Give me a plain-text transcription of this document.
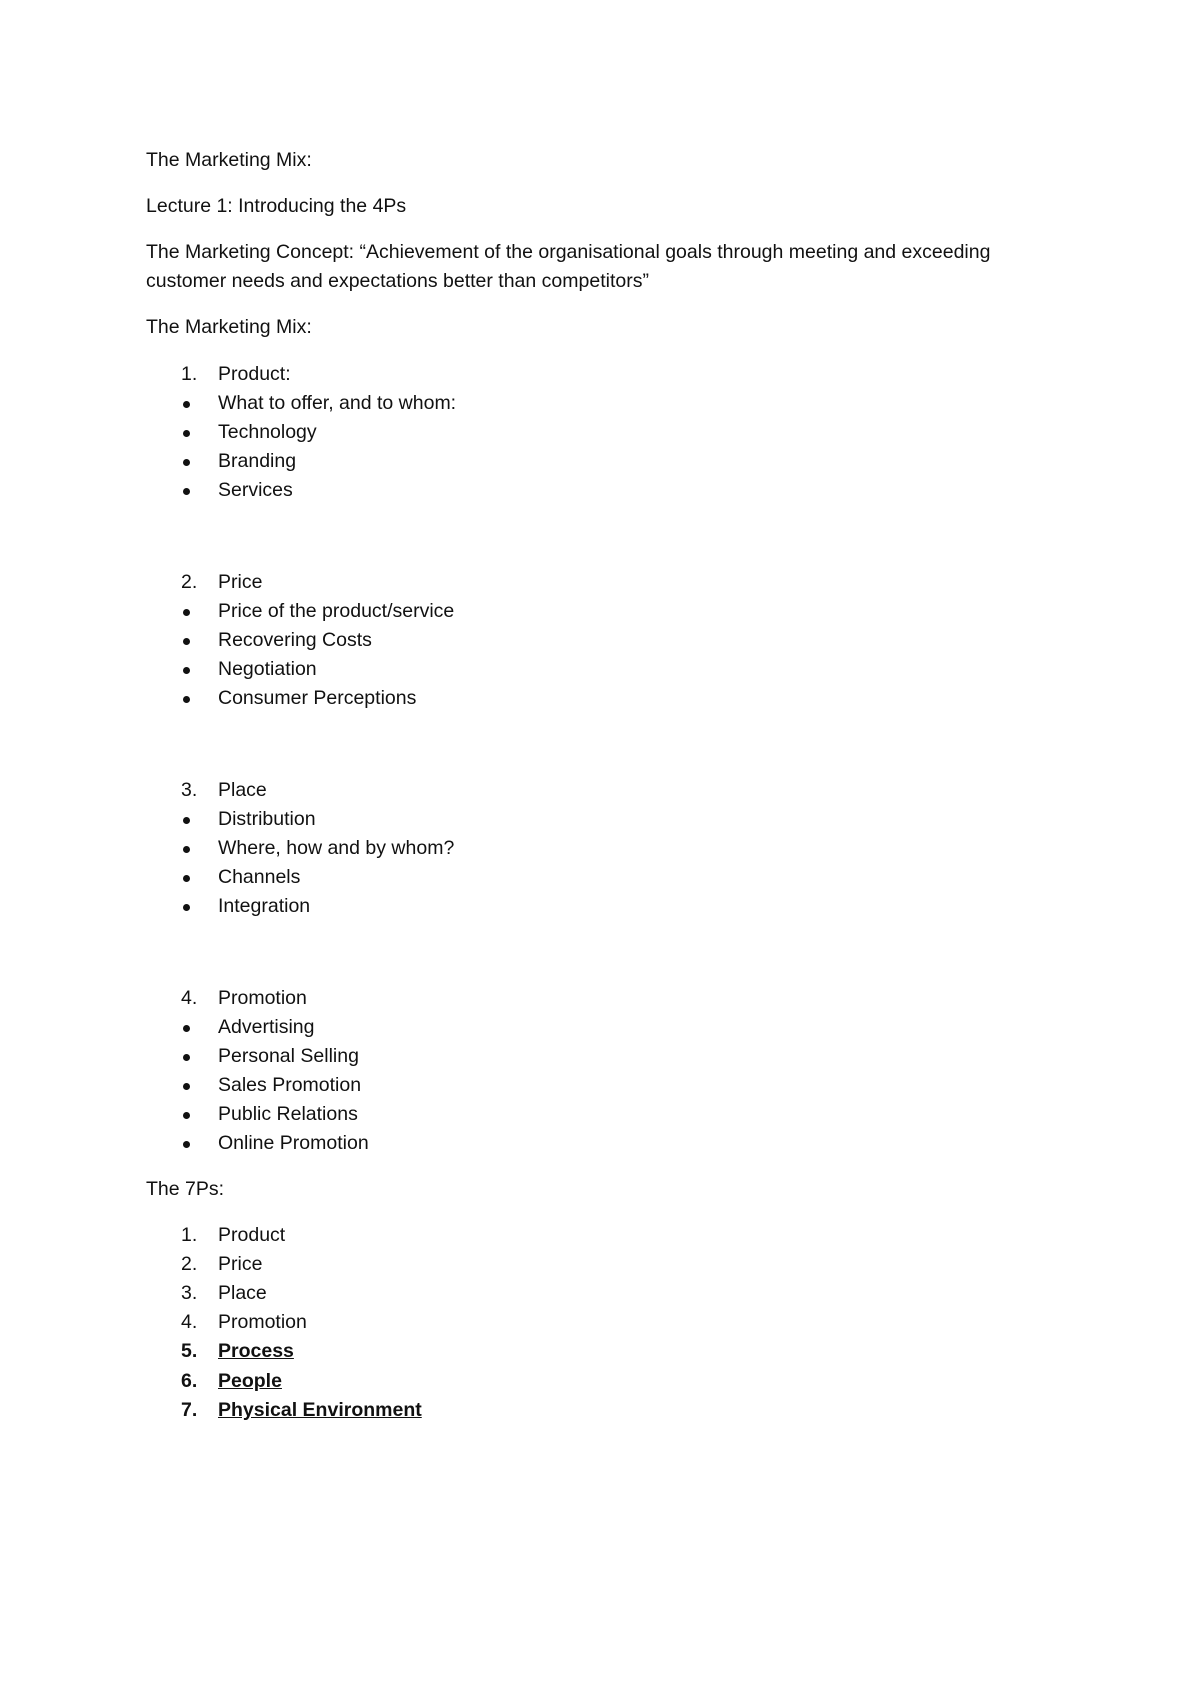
The Marketing Mix:
Lecture 1: Introducing the 4Ps
The Marketing Concept: “Achievement of the organisational goals through meeting and exceeding
customer needs and expectations better than competitors”
The Marketing Mix:
1. Product:
What to offer, and to whom:
Technology
Branding
Services
2. Price
Price of the product/service
Recovering Costs
Negotiation
Consumer Perceptions
3. Place
Distribution
Where, how and by whom?
Channels
Integration
4. Promotion
Advertising
Personal Selling
Sales Promotion
Public Relations
Online Promotion
The 7Ps:
1. Product
2. Price
3. Place
4. Promotion
5. Process
6. People
7. Physical Environment
